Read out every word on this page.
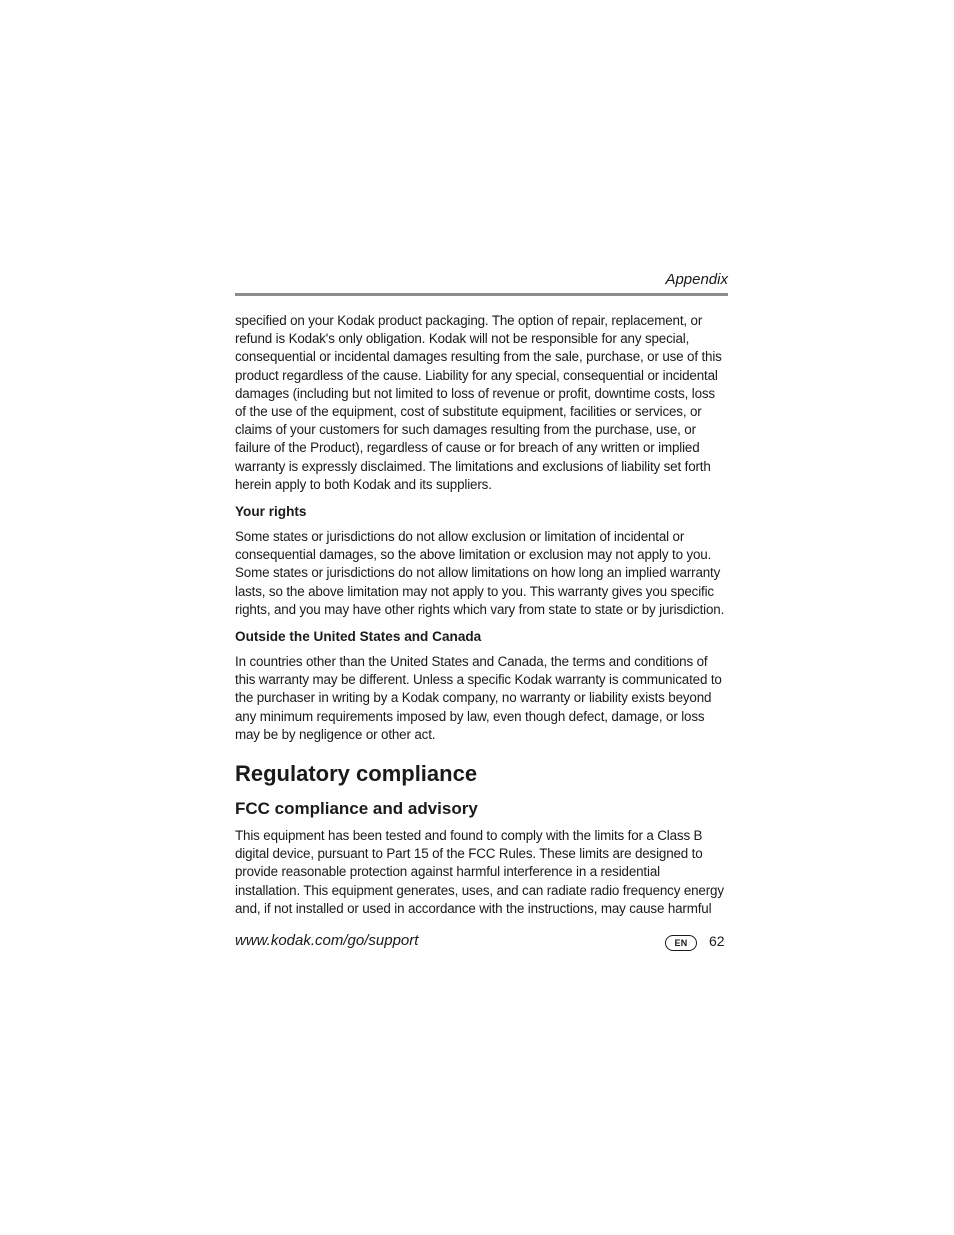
Appendix

specified on your Kodak product packaging. The option of repair, replacement, or refund is Kodak's only obligation. Kodak will not be responsible for any special, consequential or incidental damages resulting from the sale, purchase, or use of this product regardless of the cause. Liability for any special, consequential or incidental damages (including but not limited to loss of revenue or profit, downtime costs, loss of the use of the equipment, cost of substitute equipment, facilities or services, or claims of your customers for such damages resulting from the purchase, use, or failure of the Product), regardless of cause or for breach of any written or implied warranty is expressly disclaimed. The limitations and exclusions of liability set forth herein apply to both Kodak and its suppliers.

Your rights

Some states or jurisdictions do not allow exclusion or limitation of incidental or consequential damages, so the above limitation or exclusion may not apply to you. Some states or jurisdictions do not allow limitations on how long an implied warranty lasts, so the above limitation may not apply to you. This warranty gives you specific rights, and you may have other rights which vary from state to state or by jurisdiction.

Outside the United States and Canada

In countries other than the United States and Canada, the terms and conditions of this warranty may be different. Unless a specific Kodak warranty is communicated to the purchaser in writing by a Kodak company, no warranty or liability exists beyond any minimum requirements imposed by law, even though defect, damage, or loss may be by negligence or other act.

Regulatory compliance
FCC compliance and advisory

This equipment has been tested and found to comply with the limits for a Class B digital device, pursuant to Part 15 of the FCC Rules. These limits are designed to provide reasonable protection against harmful interference in a residential installation. This equipment generates, uses, and can radiate radio frequency energy and, if not installed or used in accordance with the instructions, may cause harmful

www.kodak.com/go/support	EN	62
